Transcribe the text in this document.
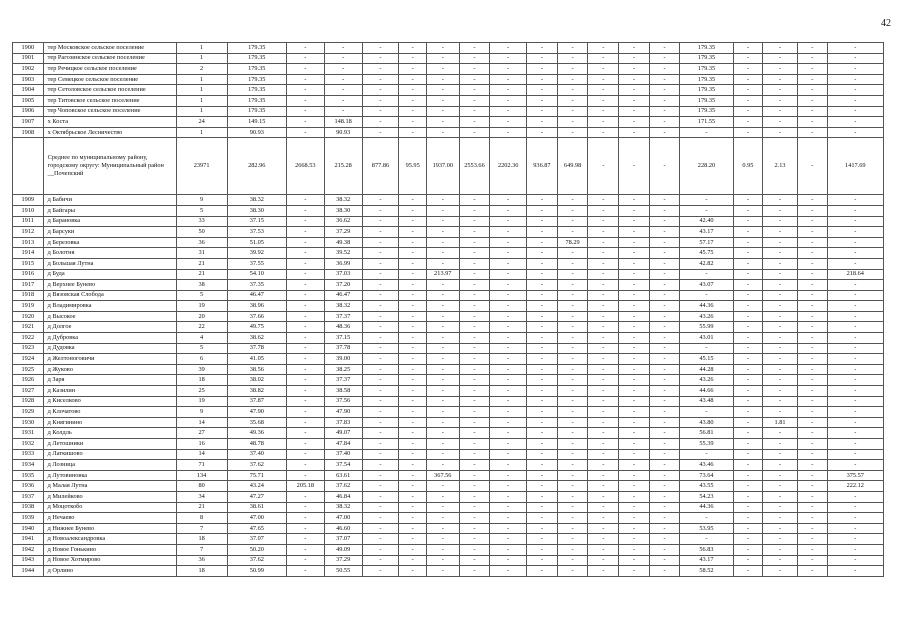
42
1900	тер Московское сельское поселение	1	179.35	-	-	-	-	-	-	-	-	-	-	-	-	179.35	-	-	-	-
1901	тер Рагозинское сельское поселение	1	179.35	-	-	-	-	-	-	-	-	-	-	-	-	179.35	-	-	-	-
1902	тер Речицкое сельское поселение	2	179.35	-	-	-	-	-	-	-	-	-	-	-	-	179.35	-	-	-	-
1903	тер Семецкое сельское поселение	1	179.35	-	-	-	-	-	-	-	-	-	-	-	-	179.35	-	-	-	-
1904	тер Сетоловское сельское поселение	1	179.35	-	-	-	-	-	-	-	-	-	-	-	-	179.35	-	-	-	-
1905	тер Титовское сельское поселение	1	179.35	-	-	-	-	-	-	-	-	-	-	-	-	179.35	-	-	-	-
1906	тер Чоповское сельское поселение	1	179.35	-	-	-	-	-	-	-	-	-	-	-	-	179.35	-	-	-	-
1907	х Коста	24	149.15	-	148.18	-	-	-	-	-	-	-	-	-	-	171.55	-	-	-	-
1908	х Октябрьское Лесничество	1	90.93	-	90.93	-	-	-	-	-	-	-	-	-	-	-	-	-	-	-
	Среднее по муниципальному району, городскому округу: Муниципальный район __Почепский	23971	282.96	2668.53	215.28	877.86	95.95	1937.00	2553.66	2202.36	936.87	649.98	-	-	-	228.20	0.95	2.13	-	1417.69
1909	д Бабичи	9	38.32	-	38.32	-	-	-	-	-	-	-	-	-	-	-	-	-	-	-
1910	д Байгары	5	38.30	-	38.30	-	-	-	-	-	-	-	-	-	-	-	-	-	-	-
1911	д Барановка	33	37.15	-	36.62	-	-	-	-	-	-	-	-	-	-	42.40	-	-	-	-
1912	д Барсуки	50	37.53	-	37.29	-	-	-	-	-	-	-	-	-	-	43.17	-	-	-	-
1913	д Березовка	36	51.05	-	49.38	-	-	-	-	-	-	78.29	-	-	-	57.17	-	-	-	-
1914	д Болотня	31	39.92	-	39.52	-	-	-	-	-	-	-	-	-	-	45.75	-	-	-	-
1915	д Большая Лутна	21	37.55	-	36.99	-	-	-	-	-	-	-	-	-	-	42.82	-	-	-	-
1916	д Буда	21	54.10	-	37.03	-	-	213.97	-	-	-	-	-	-	-	-	-	-	-	218.64
1917	д Верхнее Бунево	38	37.35	-	37.20	-	-	-	-	-	-	-	-	-	-	43.07	-	-	-	-
1918	д Вязовская Слобода	5	46.47	-	46.47	-	-	-	-	-	-	-	-	-	-	-	-	-	-	-
1919	д Владимировка	19	38.96	-	38.32	-	-	-	-	-	-	-	-	-	-	44.36	-	-	-	-
1920	д Высокое	20	37.66	-	37.37	-	-	-	-	-	-	-	-	-	-	43.26	-	-	-	-
1921	д Долгое	22	49.75	-	48.36	-	-	-	-	-	-	-	-	-	-	55.99	-	-	-	-
1922	д Дубровка	4	38.62	-	37.15	-	-	-	-	-	-	-	-	-	-	43.01	-	-	-	-
1923	д Дудовка	5	37.78	-	37.78	-	-	-	-	-	-	-	-	-	-	-	-	-	-	-
1924	д Желтоноговичи	6	41.05	-	39.00	-	-	-	-	-	-	-	-	-	-	45.15	-	-	-	-
1925	д Жуково	39	38.56	-	38.25	-	-	-	-	-	-	-	-	-	-	44.28	-	-	-	-
1926	д Заря	18	38.02	-	37.37	-	-	-	-	-	-	-	-	-	-	43.26	-	-	-	-
1927	д Казилин	25	38.82	-	38.58	-	-	-	-	-	-	-	-	-	-	44.66	-	-	-	-
1928	д Киселково	19	37.87	-	37.56	-	-	-	-	-	-	-	-	-	-	43.48	-	-	-	-
1929	д Клочатово	9	47.90	-	47.90	-	-	-	-	-	-	-	-	-	-	-	-	-	-	-
1930	д Княгинино	14	35.68	-	37.83	-	-	-	-	-	-	-	-	-	-	43.80	-	1.81	-	-
1931	д Колдль	27	49.36	-	49.07	-	-	-	-	-	-	-	-	-	-	56.81	-	-	-	-
1932	д Летошники	16	48.78	-	47.84	-	-	-	-	-	-	-	-	-	-	55.39	-	-	-	-
1933	д Латкишово	14	37.40	-	37.40	-	-	-	-	-	-	-	-	-	-	-	-	-	-	-
1934	д Лозница	71	37.62	-	37.54	-	-	-	-	-	-	-	-	-	-	43.46	-	-	-	-
1935	д Лутовиновка	134	75.71	-	63.61	-	-	367.56	-	-	-	-	-	-	-	73.64	-	-	-	375.57
1936	д Малая Лутна	80	43.24	205.18	37.62	-	-	-	-	-	-	-	-	-	-	43.55	-	-	-	222.12
1937	д Милейково	34	47.27	-	46.84	-	-	-	-	-	-	-	-	-	-	54.23	-	-	-	-
1938	д Моцоткобо	21	38.61	-	38.32	-	-	-	-	-	-	-	-	-	-	44.36	-	-	-	-
1939	д Нечаево	8	47.00	-	47.00	-	-	-	-	-	-	-	-	-	-	-	-	-	-	-
1940	д Нижнее Бунево	7	47.65	-	46.60	-	-	-	-	-	-	-	-	-	-	53.95	-	-	-	-
1941	д Новоалександровка	18	37.07	-	37.07	-	-	-	-	-	-	-	-	-	-	-	-	-	-	-
1942	д Новое Гонькино	7	50.20	-	49.09	-	-	-	-	-	-	-	-	-	-	56.83	-	-	-	-
1943	д Новое Хотмирово	36	37.62	-	37.29	-	-	-	-	-	-	-	-	-	-	43.17	-	-	-	-
1944	д Орлино	18	50.99	-	50.55	-	-	-	-	-	-	-	-	-	-	58.52	-	-	-	-
